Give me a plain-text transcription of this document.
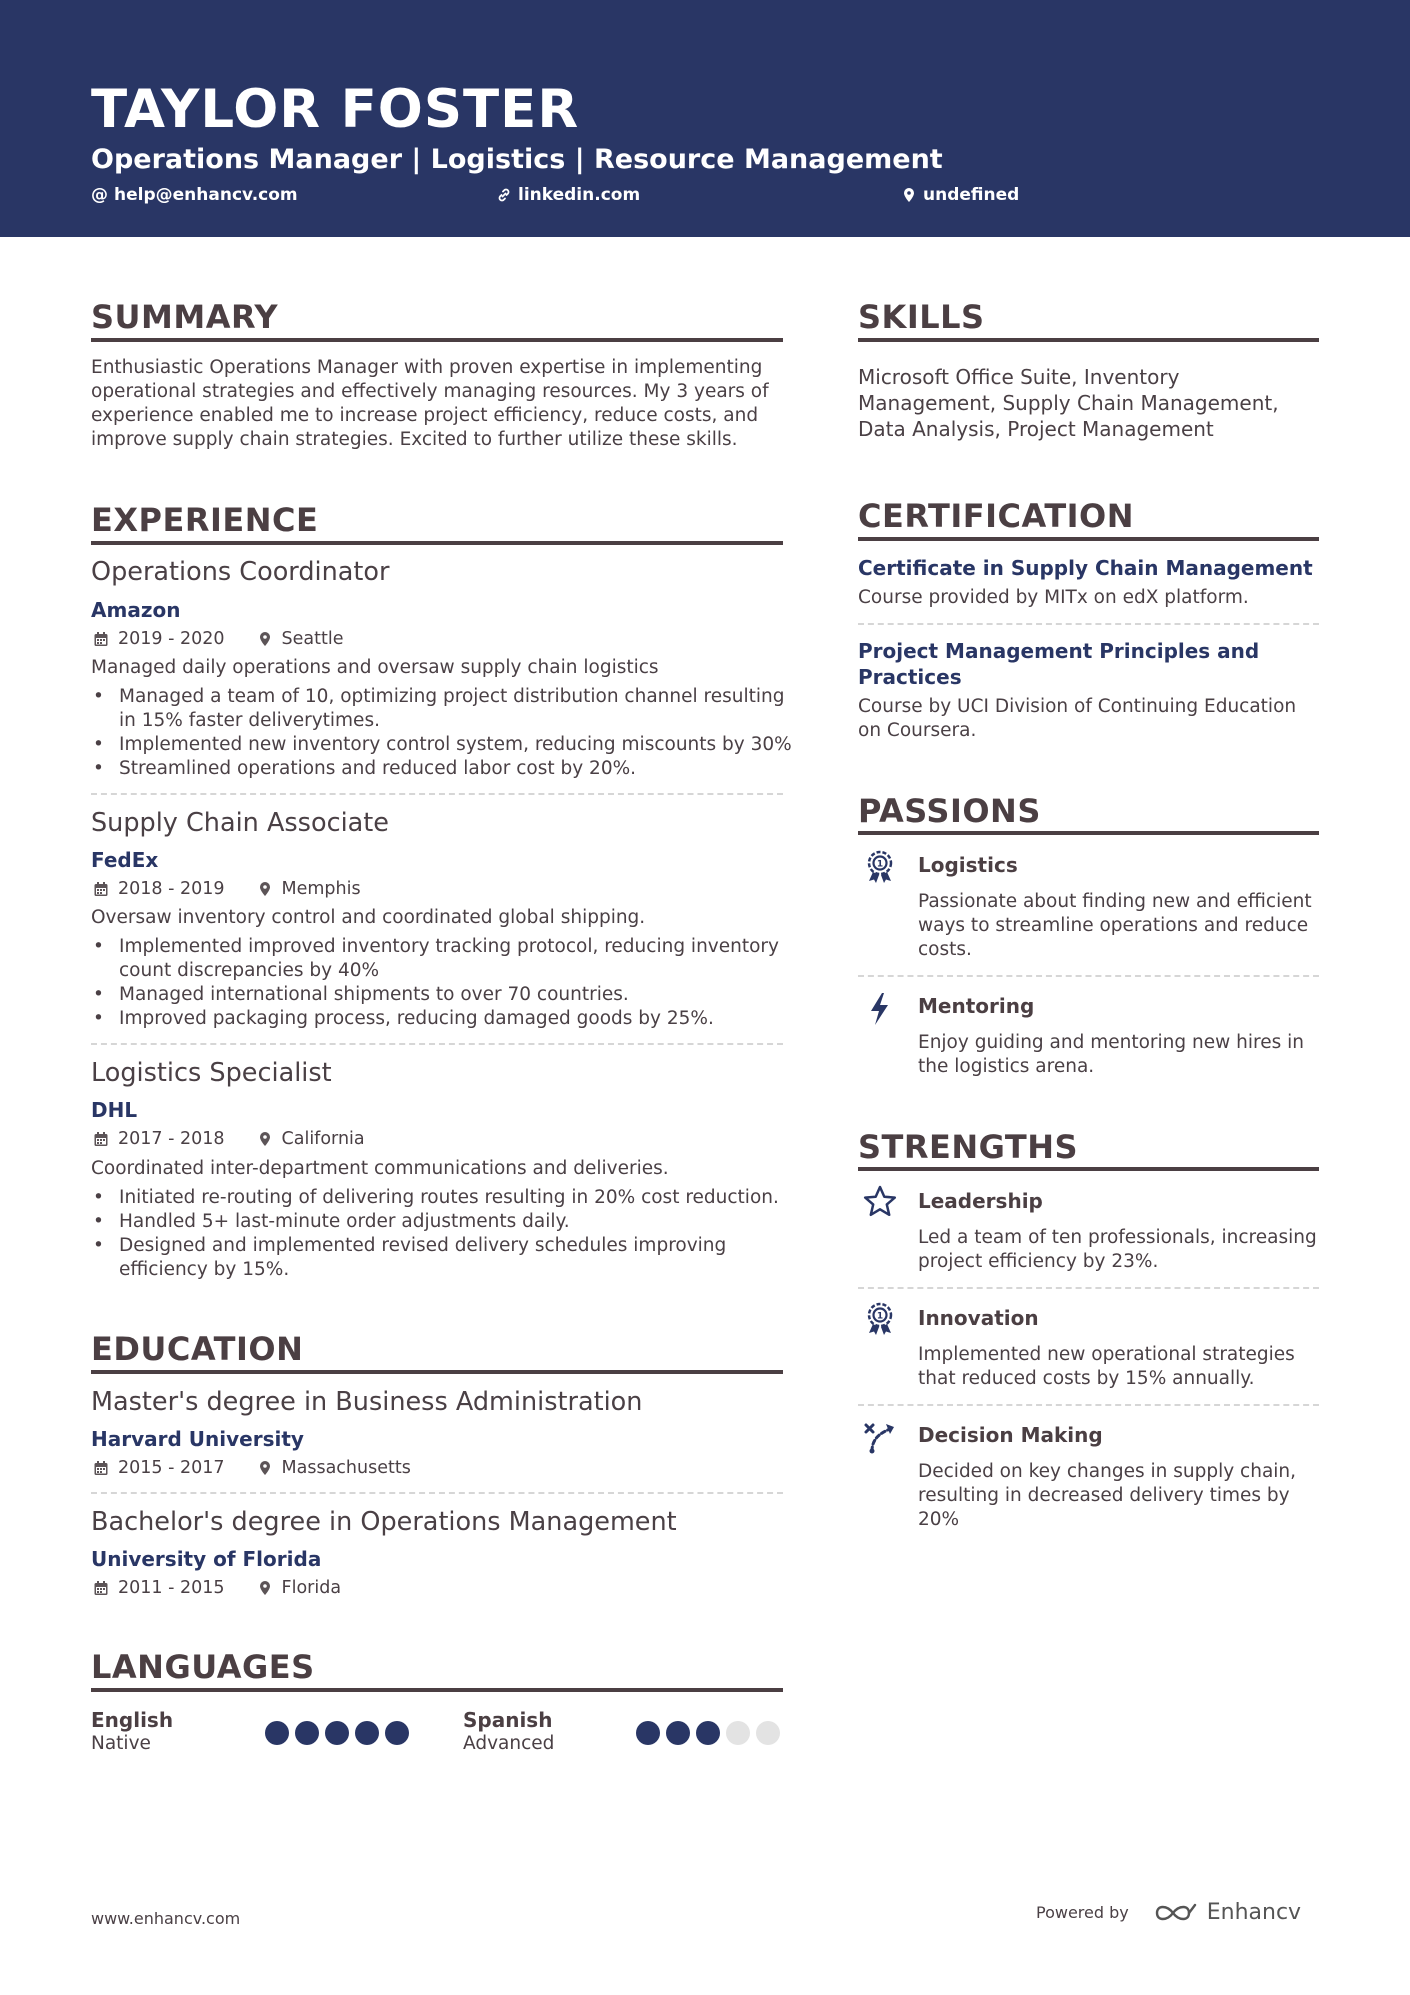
TAYLOR FOSTER
Operations Manager | Logistics | Resource Management
@ help@enhancv.com	linkedin.com	undefined
SUMMARY
Enthusiastic Operations Manager with proven expertise in implementing
operational strategies and effectively managing resources. My 3 years of
experience enabled me to increase project efficiency, reduce costs, and
improve supply chain strategies. Excited to further utilize these skills.
EXPERIENCE
Operations Coordinator
Amazon
2019 - 2020	Seattle
Managed daily operations and oversaw supply chain logistics
• Managed a team of 10, optimizing project distribution channel resulting in 15% faster deliverytimes.
• Implemented new inventory control system, reducing miscounts by 30%
• Streamlined operations and reduced labor cost by 20%.
Supply Chain Associate
FedEx
2018 - 2019	Memphis
Oversaw inventory control and coordinated global shipping.
• Implemented improved inventory tracking protocol, reducing inventory count discrepancies by 40%
• Managed international shipments to over 70 countries.
• Improved packaging process, reducing damaged goods by 25%.
Logistics Specialist
DHL
2017 - 2018	California
Coordinated inter-department communications and deliveries.
• Initiated re-routing of delivering routes resulting in 20% cost reduction.
• Handled 5+ last-minute order adjustments daily.
• Designed and implemented revised delivery schedules improving efficiency by 15%.
EDUCATION
Master's degree in Business Administration
Harvard University
2015 - 2017	Massachusetts
Bachelor's degree in Operations Management
University of Florida
2011 - 2015	Florida
LANGUAGES
English
Native
Spanish
Advanced
SKILLS
Microsoft Office Suite, Inventory
Management, Supply Chain Management,
Data Analysis, Project Management
CERTIFICATION
Certificate in Supply Chain Management
Course provided by MITx on edX platform.
Project Management Principles and
Practices
Course by UCI Division of Continuing Education
on Coursera.
PASSIONS
1 Logistics
Passionate about finding new and efficient
ways to streamline operations and reduce
costs.
Mentoring
Enjoy guiding and mentoring new hires in
the logistics arena.
STRENGTHS
Leadership
Led a team of ten professionals, increasing
project efficiency by 23%.
1 Innovation
Implemented new operational strategies
that reduced costs by 15% annually.
Decision Making
Decided on key changes in supply chain,
resulting in decreased delivery times by
20%
www.enhancv.com	Powered by	Enhancv
